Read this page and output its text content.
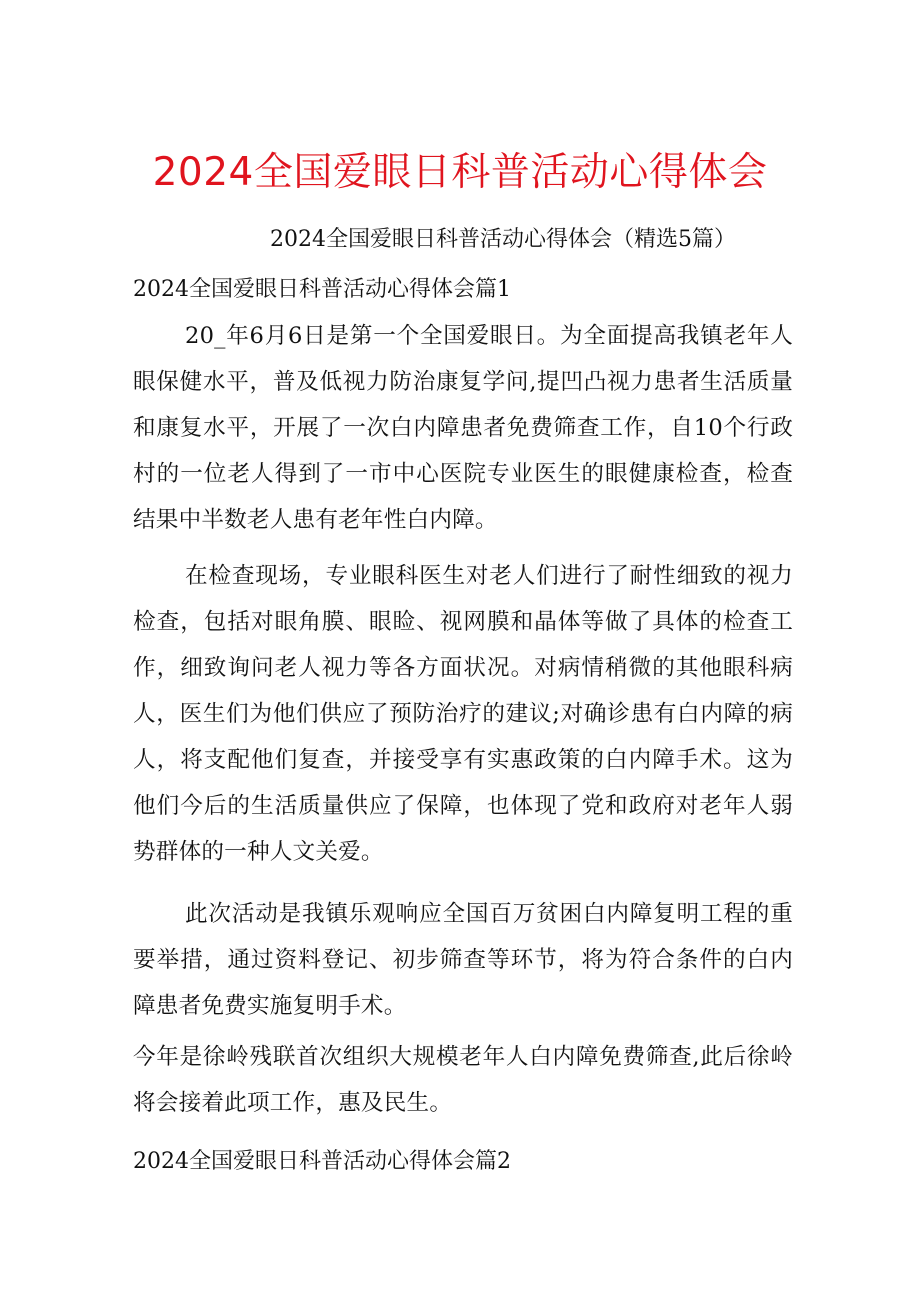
2024全国爱眼日科普活动心得体会
2024全国爱眼日科普活动心得体会（精选5篇）
2024全国爱眼日科普活动心得体会篇1
20_年6月6日是第一个全国爱眼日。为全面提高我镇老年人眼保健水平，普及低视力防治康复学问,提凹凸视力患者生活质量和康复水平，开展了一次白内障患者免费筛查工作，自10个行政村的一位老人得到了一市中心医院专业医生的眼健康检查，检查结果中半数老人患有老年性白内障。
在检查现场，专业眼科医生对老人们进行了耐性细致的视力检查，包括对眼角膜、眼睑、视网膜和晶体等做了具体的检查工作，细致询问老人视力等各方面状况。对病情稍微的其他眼科病人，医生们为他们供应了预防治疗的建议;对确诊患有白内障的病人，将支配他们复查，并接受享有实惠政策的白内障手术。这为他们今后的生活质量供应了保障，也体现了党和政府对老年人弱势群体的一种人文关爱。
此次活动是我镇乐观响应全国百万贫困白内障复明工程的重要举措，通过资料登记、初步筛查等环节，将为符合条件的白内障患者免费实施复明手术。
今年是徐岭残联首次组织大规模老年人白内障免费筛查,此后徐岭将会接着此项工作，惠及民生。
2024全国爱眼日科普活动心得体会篇2
